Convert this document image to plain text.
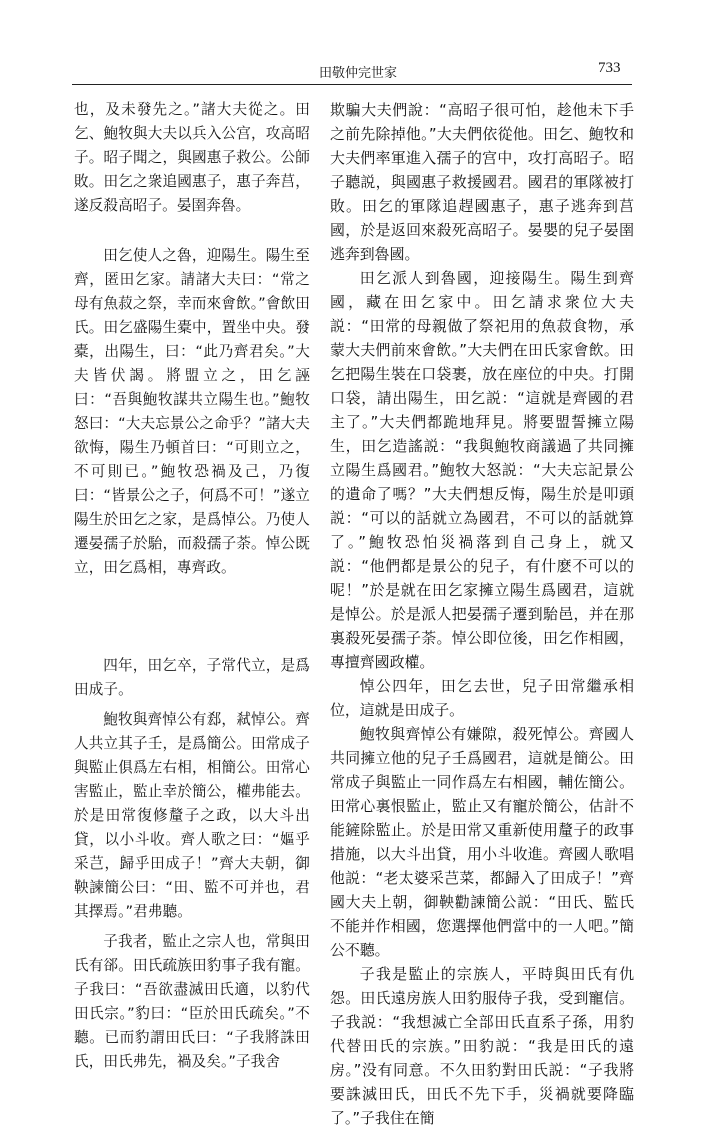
田敬仲完世家	733

也，及未發先之。”諸大夫從之。田乞、鮑牧與大夫以兵入公宫，攻高昭子。昭子聞之，與國惠子救公。公師敗。田乞之衆追國惠子，惠子奔莒，遂反殺高昭子。晏圉奔魯。

田乞使人之魯，迎陽生。陽生至齊，匿田乞家。請諸大夫曰：“常之母有魚菽之祭，幸而來會飲。”會飲田氏。田乞盛陽生橐中，置坐中央。發橐，出陽生，曰：“此乃齊君矣。”大夫皆伏謁。將盟立之，田乞誣曰：“吾與鮑牧謀共立陽生也。”鮑牧怒曰：“大夫忘景公之命乎？”諸大夫欲悔，陽生乃頓首曰：“可則立之，不可則已。”鮑牧恐禍及己，乃復曰：“皆景公之子，何爲不可！”遂立陽生於田乞之家，是爲悼公。乃使人遷晏孺子於駘，而殺孺子荼。悼公既立，田乞爲相，專齊政。

四年，田乞卒，子常代立，是爲田成子。

鮑牧與齊悼公有郄，弒悼公。齊人共立其子壬，是爲簡公。田常成子與監止俱爲左右相，相簡公。田常心害監止，監止幸於簡公，權弗能去。於是田常復修釐子之政，以大斗出貸，以小斗收。齊人歌之曰：“嫗乎采芑，歸乎田成子！”齊大夫朝，御鞅諫簡公曰：“田、監不可并也，君其擇焉。”君弗聽。

子我者，監止之宗人也，常與田氏有郤。田氏疏族田豹事子我有寵。子我曰：“吾欲盡滅田氏適，以豹代田氏宗。”豹曰：“臣於田氏疏矣。”不聽。已而豹謂田氏曰：“子我將誅田氏，田氏弗先，禍及矣。”子我舍

欺騙大夫們說：“高昭子很可怕，趁他未下手之前先除掉他。”大夫們依從他。田乞、鮑牧和大夫們率軍進入孺子的宫中，攻打高昭子。昭子聽説，與國惠子救援國君。國君的軍隊被打敗。田乞的軍隊追趕國惠子，惠子逃奔到莒國，於是返回來殺死高昭子。晏嬰的兒子晏圉逃奔到魯國。

田乞派人到魯國，迎接陽生。陽生到齊國，藏在田乞家中。田乞請求衆位大夫説：“田常的母親做了祭祀用的魚菽食物，承蒙大夫們前來會飲。”大夫們在田氏家會飲。田乞把陽生裝在口袋裹，放在座位的中央。打開口袋，請出陽生，田乞説：“這就是齊國的君主了。”大夫們都跪地拜見。將要盟誓擁立陽生，田乞造謠説：“我與鮑牧商議過了共同擁立陽生爲國君。”鮑牧大怒説：“大夫忘記景公的遺命了嗎？”大夫們想反悔，陽生於是叩頭説：“可以的話就立為國君，不可以的話就算了。”鮑牧恐怕災禍落到自己身上，就又説：“他們都是景公的兒子，有什麽不可以的呢！”於是就在田乞家擁立陽生爲國君，這就是悼公。於是派人把晏孺子遷到駘邑，并在那裏殺死晏孺子荼。悼公即位後，田乞作相國，專擅齊國政權。

悼公四年，田乞去世，兒子田常繼承相位，這就是田成子。

鮑牧與齊悼公有嫌隙，殺死悼公。齊國人共同擁立他的兒子壬爲國君，這就是簡公。田常成子與監止一同作爲左右相國，輔佐簡公。田常心裏恨監止，監止又有寵於簡公，估計不能鏟除監止。於是田常又重新使用釐子的政事措施，以大斗出貸，用小斗收進。齊國人歌唱他説：“老太婆采芑菜，都歸入了田成子！”齊國大夫上朝，御鞅勸諫簡公説：“田氏、監氏不能并作相國，您選擇他們當中的一人吧。”簡公不聽。

子我是監止的宗族人，平時與田氏有仇怨。田氏遠房族人田豹服侍子我，受到寵信。子我説：“我想滅亡全部田氏直系子孫，用豹代替田氏的宗族。”田豹説：“我是田氏的遠房。”没有同意。不久田豹對田氏説：“子我將要誅滅田氏，田氏不先下手，災禍就要降臨了。”子我住在簡
